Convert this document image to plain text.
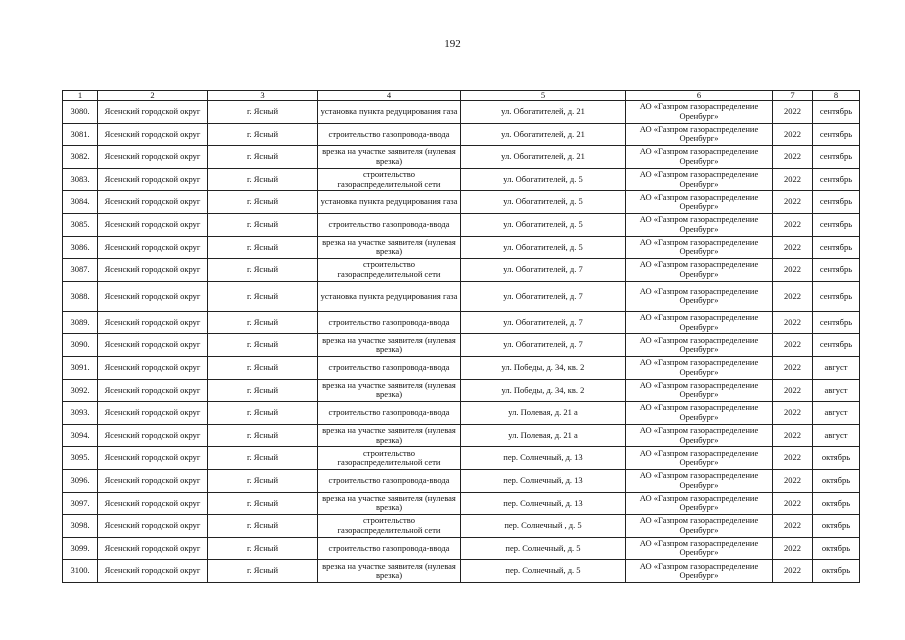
192
1	2	3	4	5	6	7	8
3080.	Ясенский городской округ	г. Ясный	установка пункта редуцирования газа	ул. Обогатителей, д. 21	АО «Газпром газораспределение Оренбург»	2022	сентябрь
3081.	Ясенский городской округ	г. Ясный	строительство газопровода-ввода	ул. Обогатителей, д. 21	АО «Газпром газораспределение Оренбург»	2022	сентябрь
3082.	Ясенский городской округ	г. Ясный	врезка на участке заявителя (нулевая врезка)	ул. Обогатителей, д. 21	АО «Газпром газораспределение Оренбург»	2022	сентябрь
3083.	Ясенский городской округ	г. Ясный	строительство газораспределительной сети	ул. Обогатителей, д. 5	АО «Газпром газораспределение Оренбург»	2022	сентябрь
3084.	Ясенский городской округ	г. Ясный	установка пункта редуцирования газа	ул. Обогатителей, д. 5	АО «Газпром газораспределение Оренбург»	2022	сентябрь
3085.	Ясенский городской округ	г. Ясный	строительство газопровода-ввода	ул. Обогатителей, д. 5	АО «Газпром газораспределение Оренбург»	2022	сентябрь
3086.	Ясенский городской округ	г. Ясный	врезка на участке заявителя (нулевая врезка)	ул. Обогатителей, д. 5	АО «Газпром газораспределение Оренбург»	2022	сентябрь
3087.	Ясенский городской округ	г. Ясный	строительство газораспределительной сети	ул. Обогатителей, д. 7	АО «Газпром газораспределение Оренбург»	2022	сентябрь
3088.	Ясенский городской округ	г. Ясный	установка пункта редуцирования газа	ул. Обогатителей, д. 7	АО «Газпром газораспределение Оренбург»	2022	сентябрь
3089.	Ясенский городской округ	г. Ясный	строительство газопровода-ввода	ул. Обогатителей, д. 7	АО «Газпром газораспределение Оренбург»	2022	сентябрь
3090.	Ясенский городской округ	г. Ясный	врезка на участке заявителя (нулевая врезка)	ул. Обогатителей, д. 7	АО «Газпром газораспределение Оренбург»	2022	сентябрь
3091.	Ясенский городской округ	г. Ясный	строительство газопровода-ввода	ул. Победы, д. 34, кв. 2	АО «Газпром газораспределение Оренбург»	2022	август
3092.	Ясенский городской округ	г. Ясный	врезка на участке заявителя (нулевая врезка)	ул. Победы, д. 34, кв. 2	АО «Газпром газораспределение Оренбург»	2022	август
3093.	Ясенский городской округ	г. Ясный	строительство газопровода-ввода	ул. Полевая, д. 21 а	АО «Газпром газораспределение Оренбург»	2022	август
3094.	Ясенский городской округ	г. Ясный	врезка на участке заявителя (нулевая врезка)	ул. Полевая, д. 21 а	АО «Газпром газораспределение Оренбург»	2022	август
3095.	Ясенский городской округ	г. Ясный	строительство газораспределительной сети	пер. Солнечный, д. 13	АО «Газпром газораспределение Оренбург»	2022	октябрь
3096.	Ясенский городской округ	г. Ясный	строительство газопровода-ввода	пер. Солнечный, д. 13	АО «Газпром газораспределение Оренбург»	2022	октябрь
3097.	Ясенский городской округ	г. Ясный	врезка на участке заявителя (нулевая врезка)	пер. Солнечный, д. 13	АО «Газпром газораспределение Оренбург»	2022	октябрь
3098.	Ясенский городской округ	г. Ясный	строительство газораспределительной сети	пер. Солнечный , д. 5	АО «Газпром газораспределение Оренбург»	2022	октябрь
3099.	Ясенский городской округ	г. Ясный	строительство газопровода-ввода	пер. Солнечный, д. 5	АО «Газпром газораспределение Оренбург»	2022	октябрь
3100.	Ясенский городской округ	г. Ясный	врезка на участке заявителя (нулевая врезка)	пер. Солнечный, д. 5	АО «Газпром газораспределение Оренбург»	2022	октябрь
